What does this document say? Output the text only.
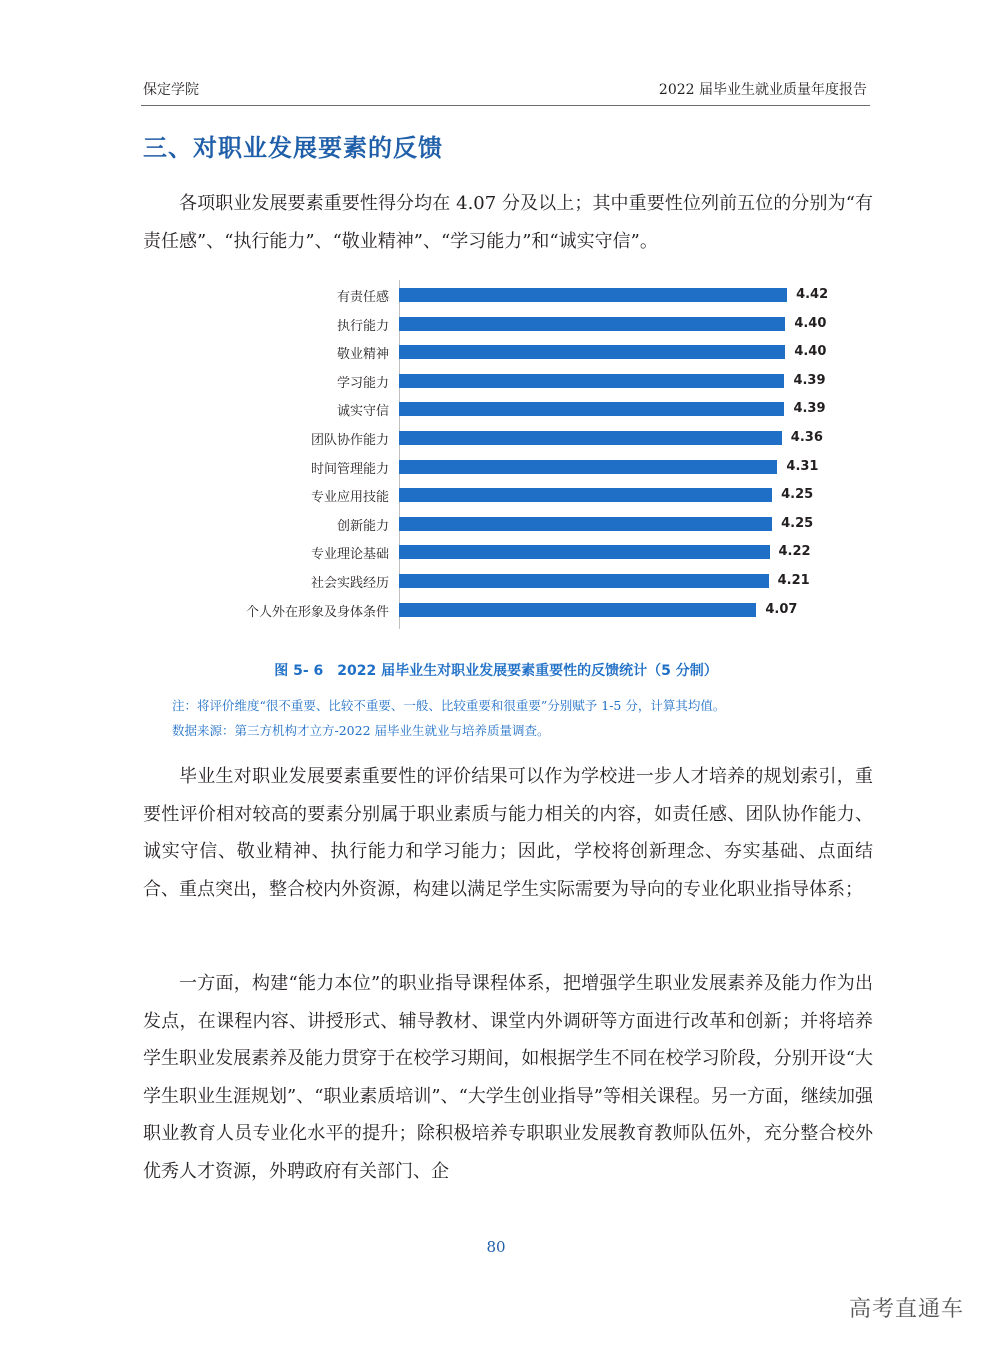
保定学院	2022 届毕业生就业质量年度报告
三、对职业发展要素的反馈

各项职业发展要素重要性得分均在 4.07 分及以上；其中重要性位列前五位的分别为“有责任感”、“执行能力”、“敬业精神”、“学习能力”和“诚实守信”。

有责任感	4.42
执行能力	4.40
敬业精神	4.40
学习能力	4.39
诚实守信	4.39
团队协作能力	4.36
时间管理能力	4.31
专业应用技能	4.25
创新能力	4.25
专业理论基础	4.22
社会实践经历	4.21
个人外在形象及身体条件	4.07
图 5- 6　2022 届毕业生对职业发展要素重要性的反馈统计（5 分制）
注：将评价维度“很不重要、比较不重要、一般、比较重要和很重要”分别赋予 1-5 分，计算其均值。
数据来源：第三方机构才立方-2022 届毕业生就业与培养质量调查。

毕业生对职业发展要素重要性的评价结果可以作为学校进一步人才培养的规划索引，重要性评价相对较高的要素分别属于职业素质与能力相关的内容，如责任感、团队协作能力、诚实守信、敬业精神、执行能力和学习能力；因此，学校将创新理念、夯实基础、点面结合、重点突出，整合校内外资源，构建以满足学生实际需要为导向的专业化职业指导体系；

一方面，构建“能力本位”的职业指导课程体系，把增强学生职业发展素养及能力作为出发点，在课程内容、讲授形式、辅导教材、课堂内外调研等方面进行改革和创新；并将培养学生职业发展素养及能力贯穿于在校学习期间，如根据学生不同在校学习阶段，分别开设“大学生职业生涯规划”、“职业素质培训”、“大学生创业指导”等相关课程。另一方面，继续加强职业教育人员专业化水平的提升；除积极培养专职职业发展教育教师队伍外，充分整合校外优秀人才资源，外聘政府有关部门、企

80
高考直通车
